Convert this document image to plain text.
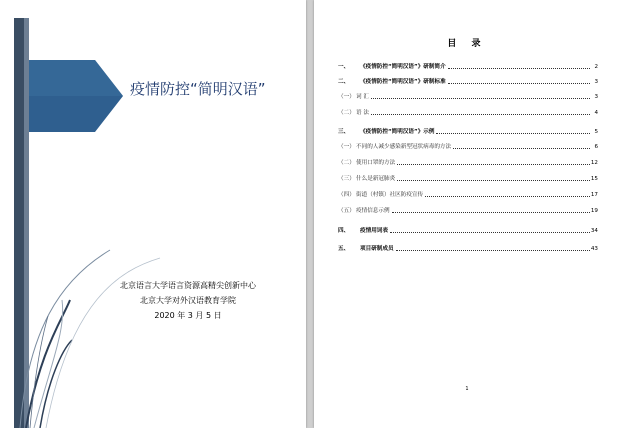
疫情防控“简明汉语”
北京语言大学语言资源高精尖创新中心
北京大学对外汉语教育学院
2020 年 3 月 5 日
目 录
一、 《疫情防控“简明汉语”》研制简介	2
二、 《疫情防控“简明汉语”》研制标准	3
（一） 词 汇	3
（二） 语 法	4
三、 《疫情防控“简明汉语”》示例	5
（一） 不同的人减少感染新型冠状病毒的方法	6
（二） 使用口罩的方法	12
（三） 什么是新冠肺炎	15
（四） 街道（村镇）社区防疫宣传	17
（五） 疫情信息示例	19
四、 疫情用词表	34
五、 项目研制成员	43
1
